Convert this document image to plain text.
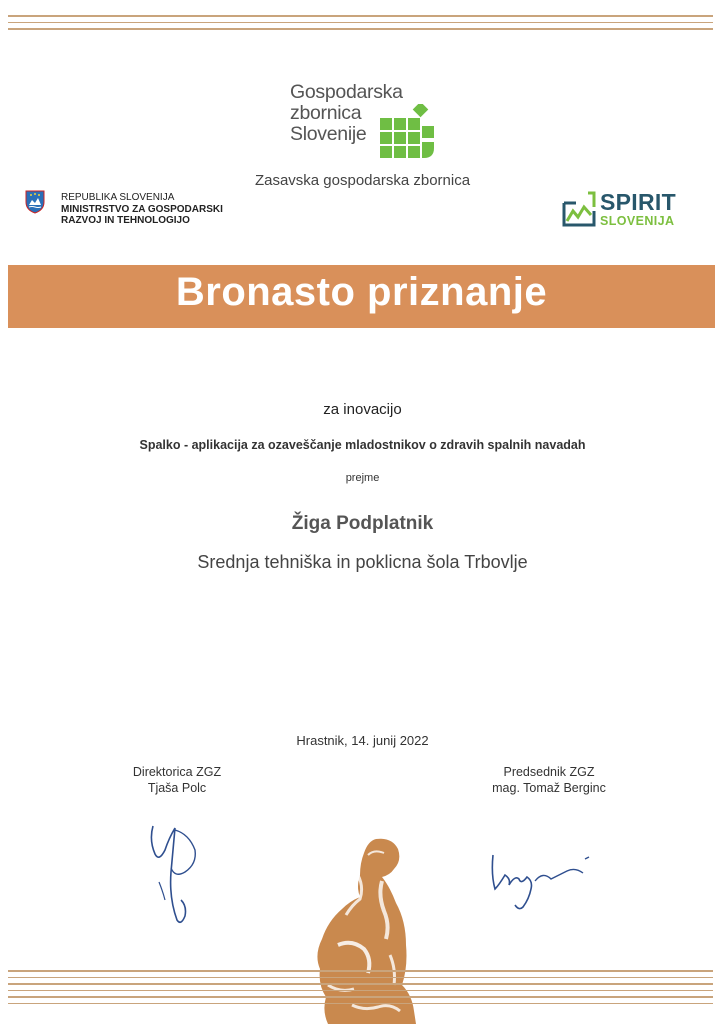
Gospodarska
zbornica
Slovenije
Zasavska gospodarska zbornica
REPUBLIKA SLOVENIJA
MINISTRSTVO ZA GOSPODARSKI
RAZVOJ IN TEHNOLOGIJO
SPIRIT
SLOVENIJA
Bronasto priznanje
za inovacijo
Spalko - aplikacija za ozaveščanje mladostnikov o zdravih spalnih navadah
prejme
Žiga Podplatnik
Srednja tehniška in poklicna šola Trbovlje
Hrastnik, 14. junij 2022
Direktorica ZGZ
Tjaša Polc
Predsednik ZGZ
mag. Tomaž Berginc
